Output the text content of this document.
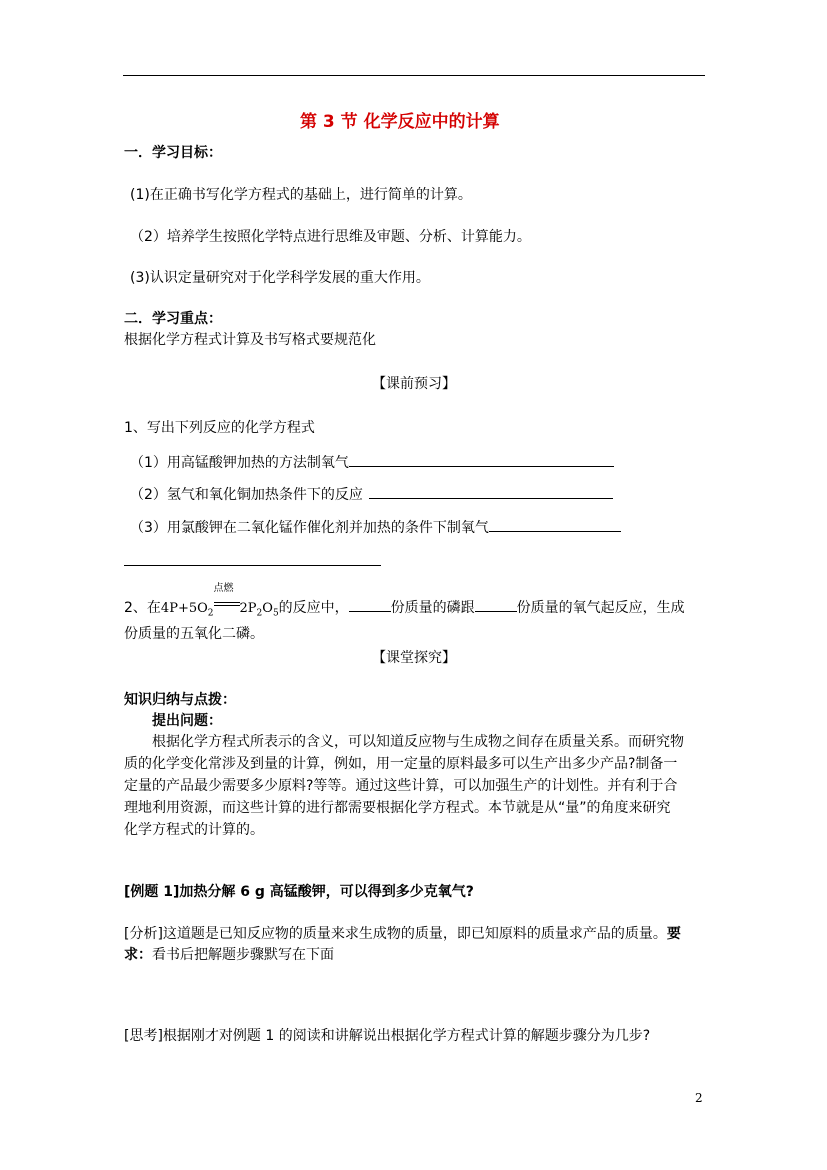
第 3 节 化学反应中的计算
一．学习目标：
(1)在正确书写化学方程式的基础上，进行简单的计算。
（2）培养学生按照化学特点进行思维及审题、分析、计算能力。
(3)认识定量研究对于化学科学发展的重大作用。
二．学习重点：
根据化学方程式计算及书写格式要规范化
【课前预习】
1、写出下列反应的化学方程式
（1）用高锰酸钾加热的方法制氧气
（2）氢气和氧化铜加热条件下的反应
（3）用氯酸钾在二氧化锰作催化剂并加热的条件下制氧气
2、在$4P+5O_2$
点燃
$2P_2O_5$的反应中，	份质量的磷跟	份质量的氧气起反应，生成
份质量的五氧化二磷。
【课堂探究】
知识归纳与点拨：
提出问题：
根据化学方程式所表示的含义，可以知道反应物与生成物之间存在质量关系。而研究物质的化学变化常涉及到量的计算，例如，用一定量的原料最多可以生产出多少产品?制备一定量的产品最少需要多少原料?等等。通过这些计算，可以加强生产的计划性。并有利于合理地利用资源，而这些计算的进行都需要根据化学方程式。本节就是从“量”的角度来研究化学方程式的计算的。
[例题 1]加热分解 6 g 高锰酸钾，可以得到多少克氧气?
[分析]这道题是已知反应物的质量来求生成物的质量，即已知原料的质量求产品的质量。要
求：看书后把解题步骤默写在下面
[思考]根据刚才对例题 1 的阅读和讲解说出根据化学方程式计算的解题步骤分为几步?
2
